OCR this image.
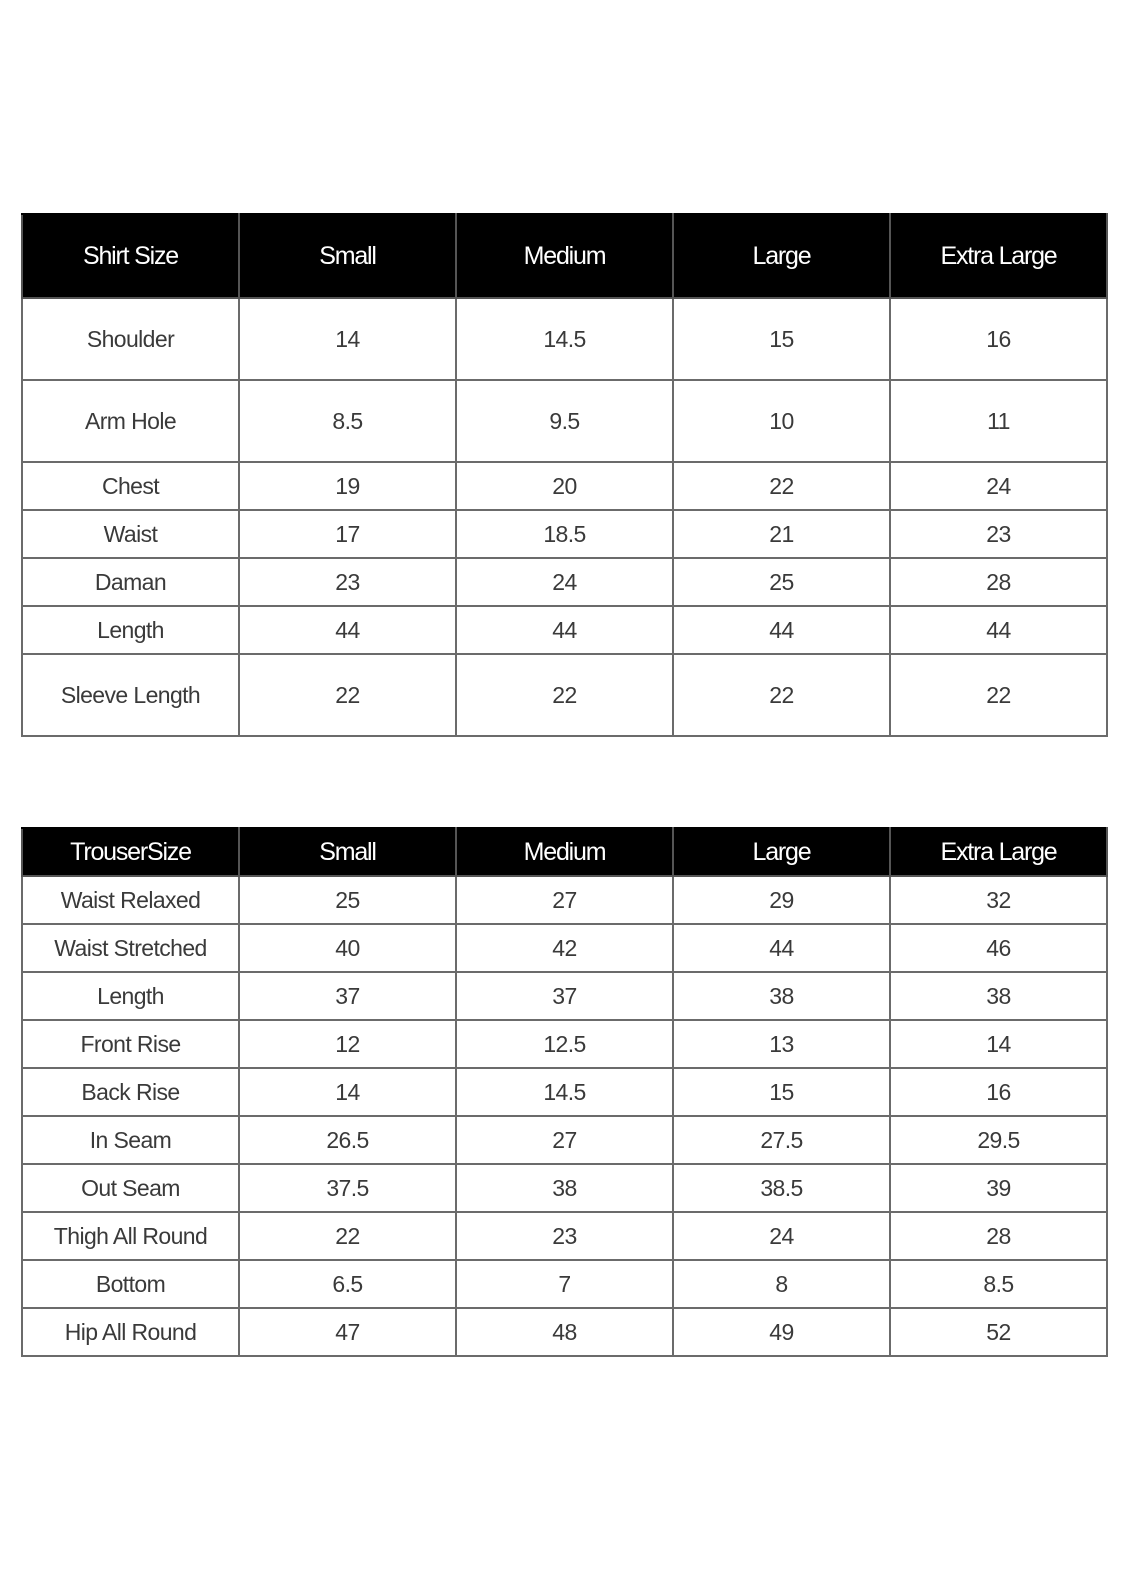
Shirt Size	Small	Medium	Large	Extra Large
Shoulder	14	14.5	15	16
Arm Hole	8.5	9.5	10	11
Chest	19	20	22	24
Waist	17	18.5	21	23
Daman	23	24	25	28
Length	44	44	44	44
Sleeve Length	22	22	22	22
TrouserSize	Small	Medium	Large	Extra Large
Waist Relaxed	25	27	29	32
Waist Stretched	40	42	44	46
Length	37	37	38	38
Front Rise	12	12.5	13	14
Back Rise	14	14.5	15	16
In Seam	26.5	27	27.5	29.5
Out Seam	37.5	38	38.5	39
Thigh All Round	22	23	24	28
Bottom	6.5	7	8	8.5
Hip All Round	47	48	49	52
